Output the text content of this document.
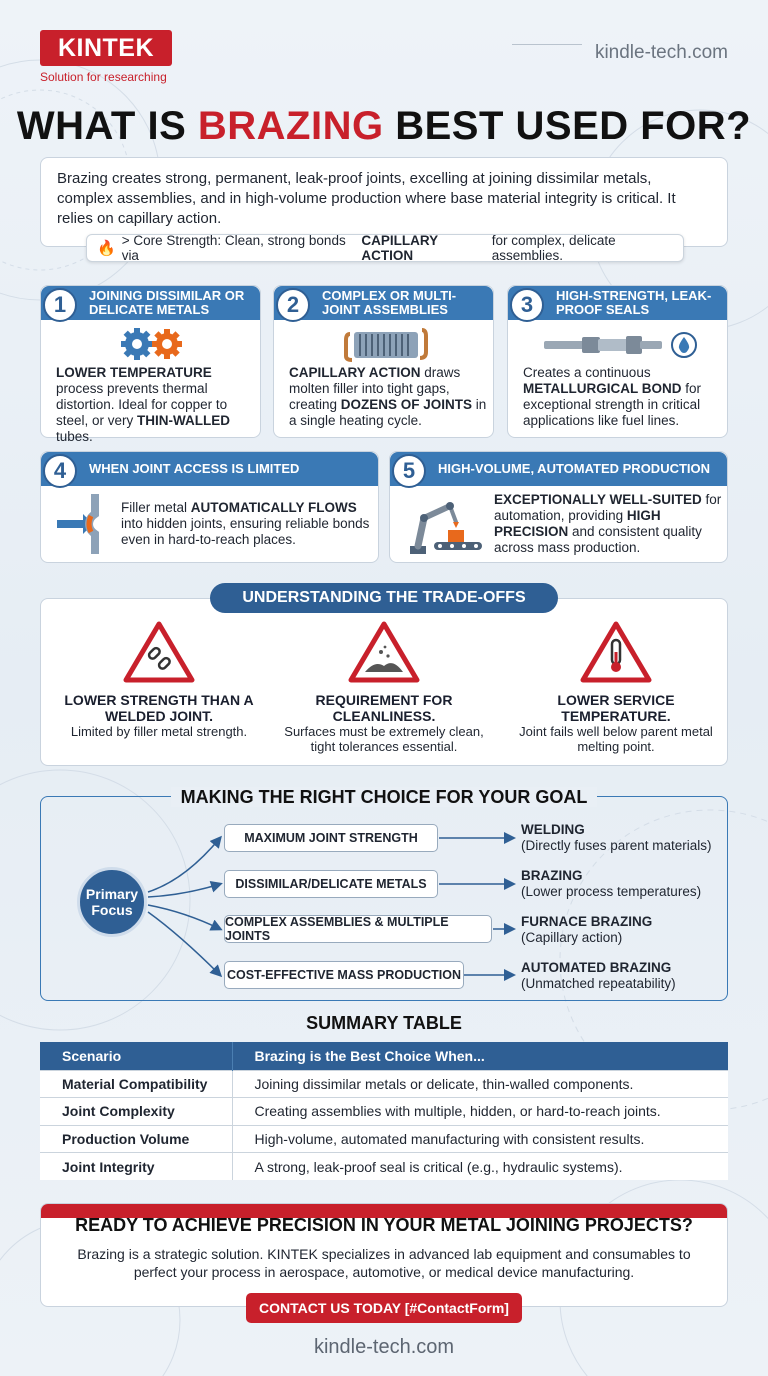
KINTEK
Solution for researching
kindle-tech.com
WHAT IS BRAZING BEST USED FOR?
Brazing creates strong, permanent, leak-proof joints, excelling at joining dissimilar metals, complex assemblies, and in high-volume production where base material integrity is critical. It relies on capillary action.
🔥 > Core Strength: Clean, strong bonds via
CAPILLARY ACTION
for complex, delicate assemblies.
JOINING DISSIMILAR OR DELICATE METALS
1
LOWER TEMPERATURE process prevents thermal distortion. Ideal for copper to steel, or very THIN-WALLED tubes.
COMPLEX OR MULTI-JOINT ASSEMBLIES
2
CAPILLARY ACTION draws molten filler into tight gaps, creating DOZENS OF JOINTS in a single heating cycle.
HIGH-STRENGTH, LEAK-PROOF SEALS
3
Creates a continuous METALLURGICAL BOND for exceptional strength in critical applications like fuel lines.
WHEN JOINT ACCESS IS LIMITED
4
Filler metal AUTOMATICALLY FLOWS into hidden joints, ensuring reliable bonds even in hard-to-reach places.
HIGH-VOLUME, AUTOMATED PRODUCTION
5
EXCEPTIONALLY WELL-SUITED for automation, providing HIGH PRECISION and consistent quality across mass production.
UNDERSTANDING THE TRADE-OFFS
LOWER STRENGTH THAN A WELDED JOINT.
Limited by filler metal strength.
REQUIREMENT FOR CLEANLINESS.
Surfaces must be extremely clean, tight tolerances essential.
LOWER SERVICE TEMPERATURE.
Joint fails well below parent metal melting point.
MAKING THE RIGHT CHOICE FOR YOUR GOAL
Primary Focus
MAXIMUM JOINT STRENGTH
DISSIMILAR/DELICATE METALS
COMPLEX ASSEMBLIES & MULTIPLE JOINTS
COST-EFFECTIVE MASS PRODUCTION
WELDING
(Directly fuses parent materials)
BRAZING
(Lower process temperatures)
FURNACE BRAZING
(Capillary action)
AUTOMATED BRAZING
(Unmatched repeatability)
SUMMARY TABLE
Scenario	Brazing is the Best Choice When...
Material Compatibility	Joining dissimilar metals or delicate, thin-walled components.
Joint Complexity	Creating assemblies with multiple, hidden, or hard-to-reach joints.
Production Volume	High-volume, automated manufacturing with consistent results.
Joint Integrity	A strong, leak-proof seal is critical (e.g., hydraulic systems).
READY TO ACHIEVE PRECISION IN YOUR METAL JOINING PROJECTS?
Brazing is a strategic solution. KINTEK specializes in advanced lab equipment and consumables to perfect your process in aerospace, automotive, or medical device manufacturing.
CONTACT US TODAY [#ContactForm]
kindle-tech.com
